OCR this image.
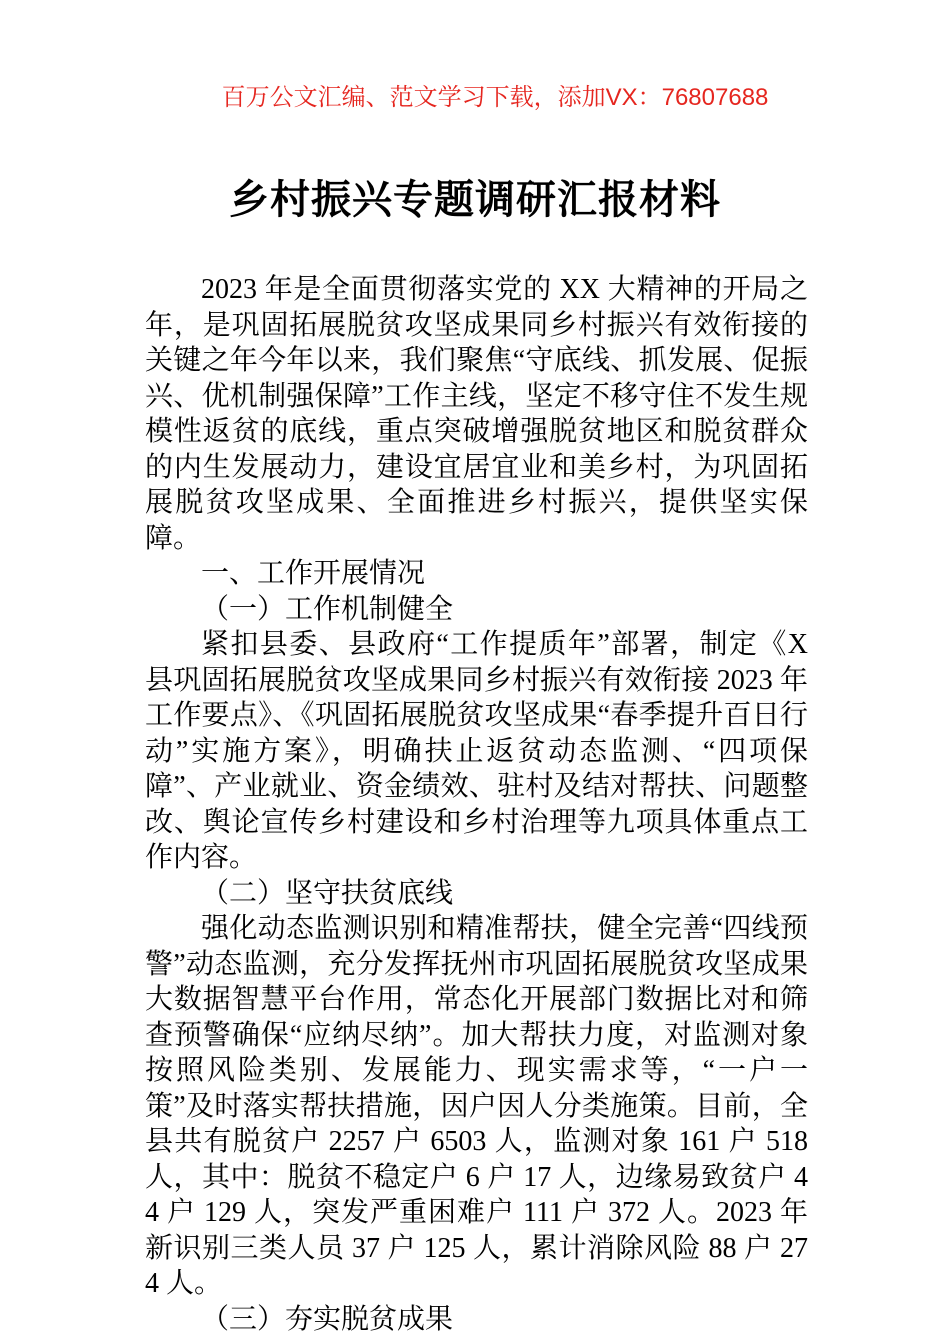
百万公文汇编、范文学习下载，添加VX：76807688
乡村振兴专题调研汇报材料

2023 年是全面贯彻落实党的 XX 大精神的开局之年，是巩固拓展脱贫攻坚成果同乡村振兴有效衔接的关键之年今年以来，我们聚焦“守底线、抓发展、促振兴、优机制强保障”工作主线，坚定不移守住不发生规模性返贫的底线，重点突破增强脱贫地区和脱贫群众的内生发展动力，建设宜居宜业和美乡村，为巩固拓展脱贫攻坚成果、全面推进乡村振兴，提供坚实保障。

一、工作开展情况

（一）工作机制健全

紧扣县委、县政府“工作提质年”部署，制定《X 县巩固拓展脱贫攻坚成果同乡村振兴有效衔接 2023 年工作要点》、《巩固拓展脱贫攻坚成果“春季提升百日行动”实施方案》，明确扶止返贫动态监测、“四项保障”、产业就业、资金绩效、驻村及结对帮扶、问题整改、舆论宣传乡村建设和乡村治理等九项具体重点工作内容。

（二）坚守扶贫底线

强化动态监测识别和精准帮扶，健全完善“四线预警”动态监测，充分发挥抚州市巩固拓展脱贫攻坚成果大数据智慧平台作用，常态化开展部门数据比对和筛查预警确保“应纳尽纳”。加大帮扶力度，对监测对象按照风险类别、发展能力、现实需求等，“一户一策”及时落实帮扶措施，因户因人分类施策。目前，全县共有脱贫户 2257 户 6503 人，监测对象 161 户 518 人，其中：脱贫不稳定户 6 户 17 人，边缘易致贫户 44 户 129 人，突发严重困难户 111 户 372 人。2023 年新识别三类人员 37 户 125 人，累计消除风险 88 户 274 人。

（三）夯实脱贫成果
